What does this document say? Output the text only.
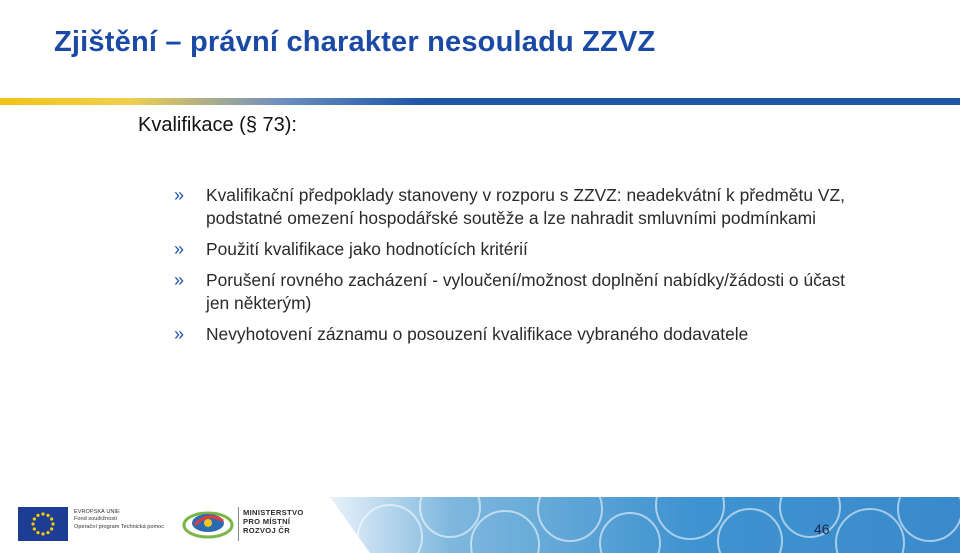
Zjištění – právní charakter nesouladu ZZVZ
Kvalifikace (§ 73):
» Kvalifikační předpoklady stanoveny v rozporu s ZZVZ: neadekvátní k předmětu VZ, podstatné omezení hospodářské soutěže a lze nahradit smluvními podmínkami
» Použití kvalifikace jako hodnotících kritérií
» Porušení rovného zacházení - vyloučení/možnost doplnění nabídky/žádosti o účast jen některým)
» Nevyhotovení záznamu o posouzení kvalifikace vybraného dodavatele
EVROPSKÁ UNIE
Fond soudržnosti
Operační program Technická pomoc
MINISTERSTVO
PRO MÍSTNÍ
ROZVOJ ČR	46
